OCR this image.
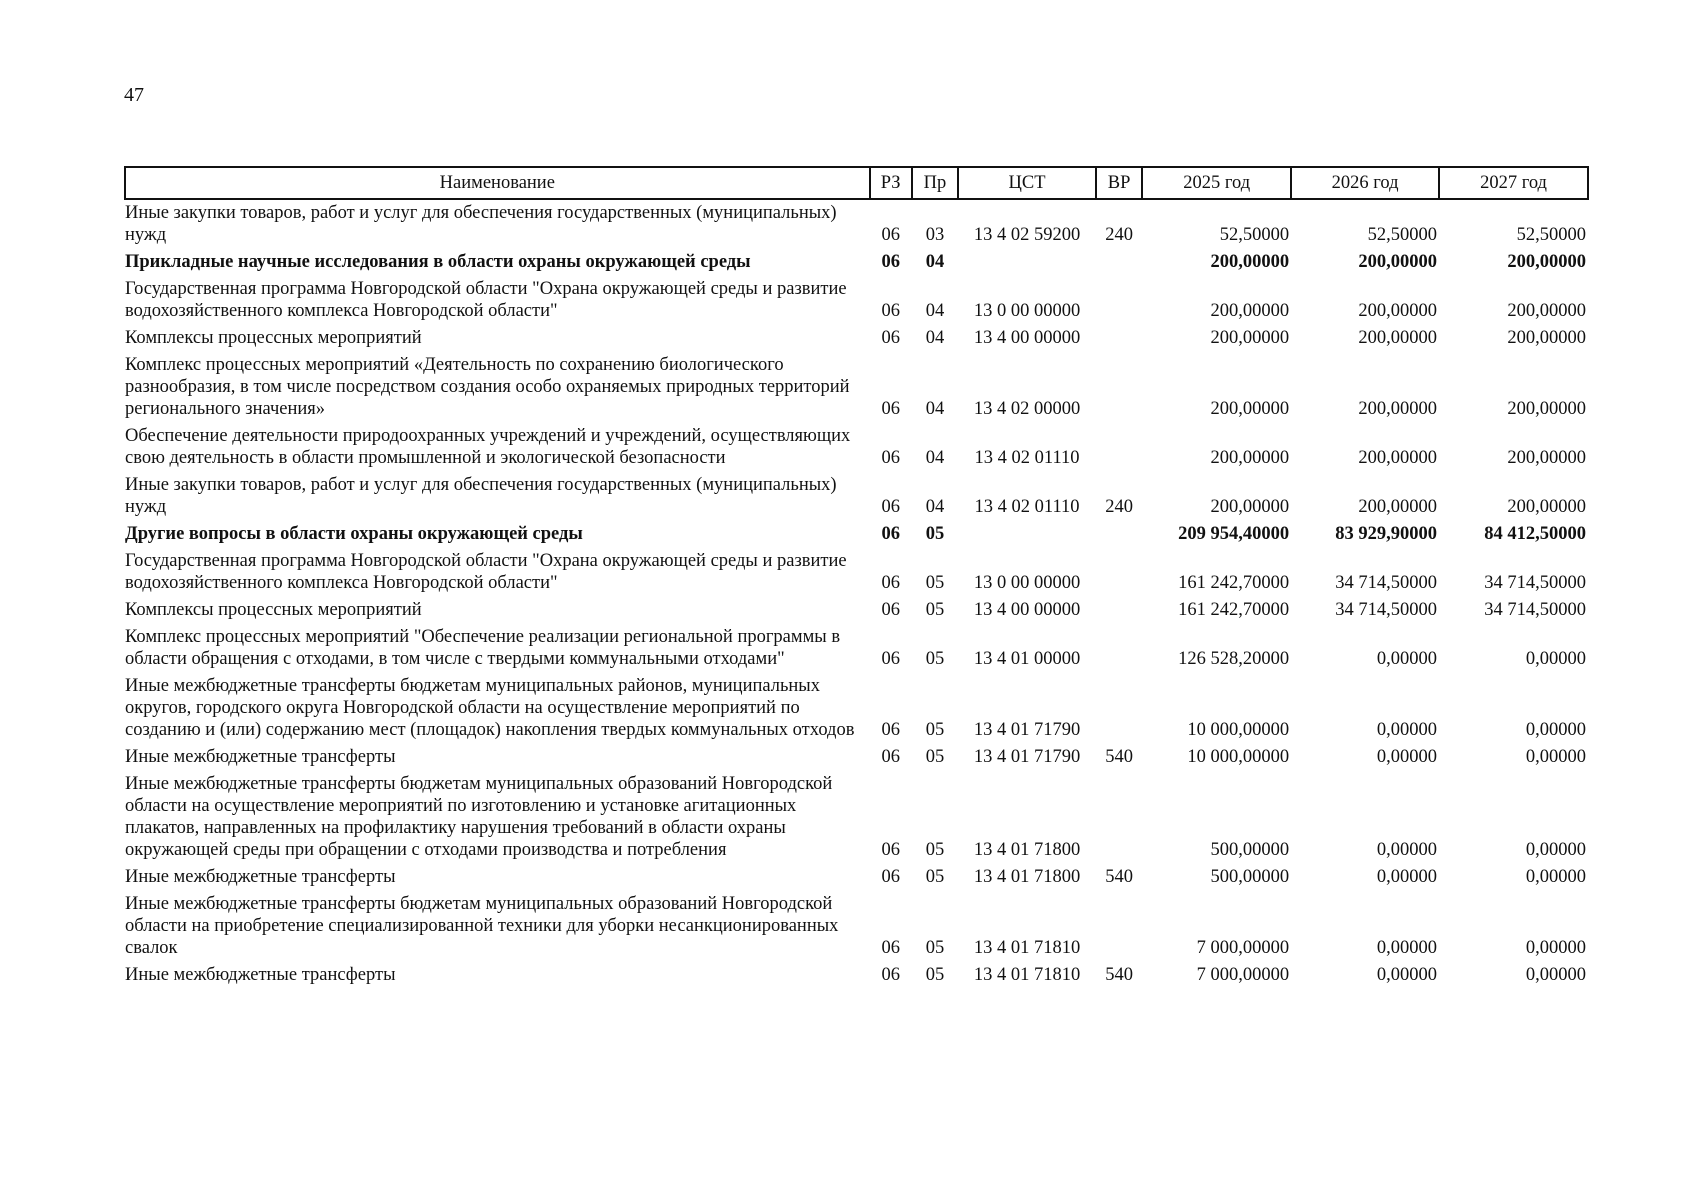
47
Наименование	РЗ	Пр	ЦСТ	ВР	2025 год	2026 год	2027 год
Иные закупки товаров, работ и услуг для обеспечения государственных (муниципальных) нужд	06	03	13 4 02 59200	240	52,50000	52,50000	52,50000
Прикладные научные исследования в области охраны окружающей среды	06	04			200,00000	200,00000	200,00000
Государственная программа Новгородской области "Охрана окружающей среды и развитие водохозяйственного комплекса Новгородской области"	06	04	13 0 00 00000		200,00000	200,00000	200,00000
Комплексы процессных мероприятий	06	04	13 4 00 00000		200,00000	200,00000	200,00000
Комплекс процессных мероприятий «Деятельность по сохранению биологического разнообразия, в том числе посредством создания особо охраняемых природных территорий регионального значения»	06	04	13 4 02 00000		200,00000	200,00000	200,00000
Обеспечение деятельности природоохранных учреждений и учреждений, осуществляющих свою деятельность в области промышленной и экологической безопасности	06	04	13 4 02 01110		200,00000	200,00000	200,00000
Иные закупки товаров, работ и услуг для обеспечения государственных (муниципальных) нужд	06	04	13 4 02 01110	240	200,00000	200,00000	200,00000
Другие вопросы в области охраны окружающей среды	06	05			209 954,40000	83 929,90000	84 412,50000
Государственная программа Новгородской области "Охрана окружающей среды и развитие водохозяйственного комплекса Новгородской области"	06	05	13 0 00 00000		161 242,70000	34 714,50000	34 714,50000
Комплексы процессных мероприятий	06	05	13 4 00 00000		161 242,70000	34 714,50000	34 714,50000
Комплекс процессных мероприятий "Обеспечение реализации региональной программы в области обращения с отходами, в том числе с твердыми коммунальными отходами"	06	05	13 4 01 00000		126 528,20000	0,00000	0,00000
Иные межбюджетные трансферты бюджетам муниципальных районов, муниципальных округов, городского округа Новгородской области на осуществление мероприятий по созданию и (или) содержанию мест (площадок) накопления твердых коммунальных отходов	06	05	13 4 01 71790		10 000,00000	0,00000	0,00000
Иные межбюджетные трансферты	06	05	13 4 01 71790	540	10 000,00000	0,00000	0,00000
Иные межбюджетные трансферты бюджетам муниципальных образований Новгородской области на осуществление мероприятий по изготовлению и установке агитационных плакатов, направленных на профилактику нарушения требований в области охраны окружающей среды при обращении с отходами производства и потребления	06	05	13 4 01 71800		500,00000	0,00000	0,00000
Иные межбюджетные трансферты	06	05	13 4 01 71800	540	500,00000	0,00000	0,00000
Иные межбюджетные трансферты бюджетам муниципальных образований Новгородской области на приобретение специализированной техники для уборки несанкционированных свалок	06	05	13 4 01 71810		7 000,00000	0,00000	0,00000
Иные межбюджетные трансферты	06	05	13 4 01 71810	540	7 000,00000	0,00000	0,00000
